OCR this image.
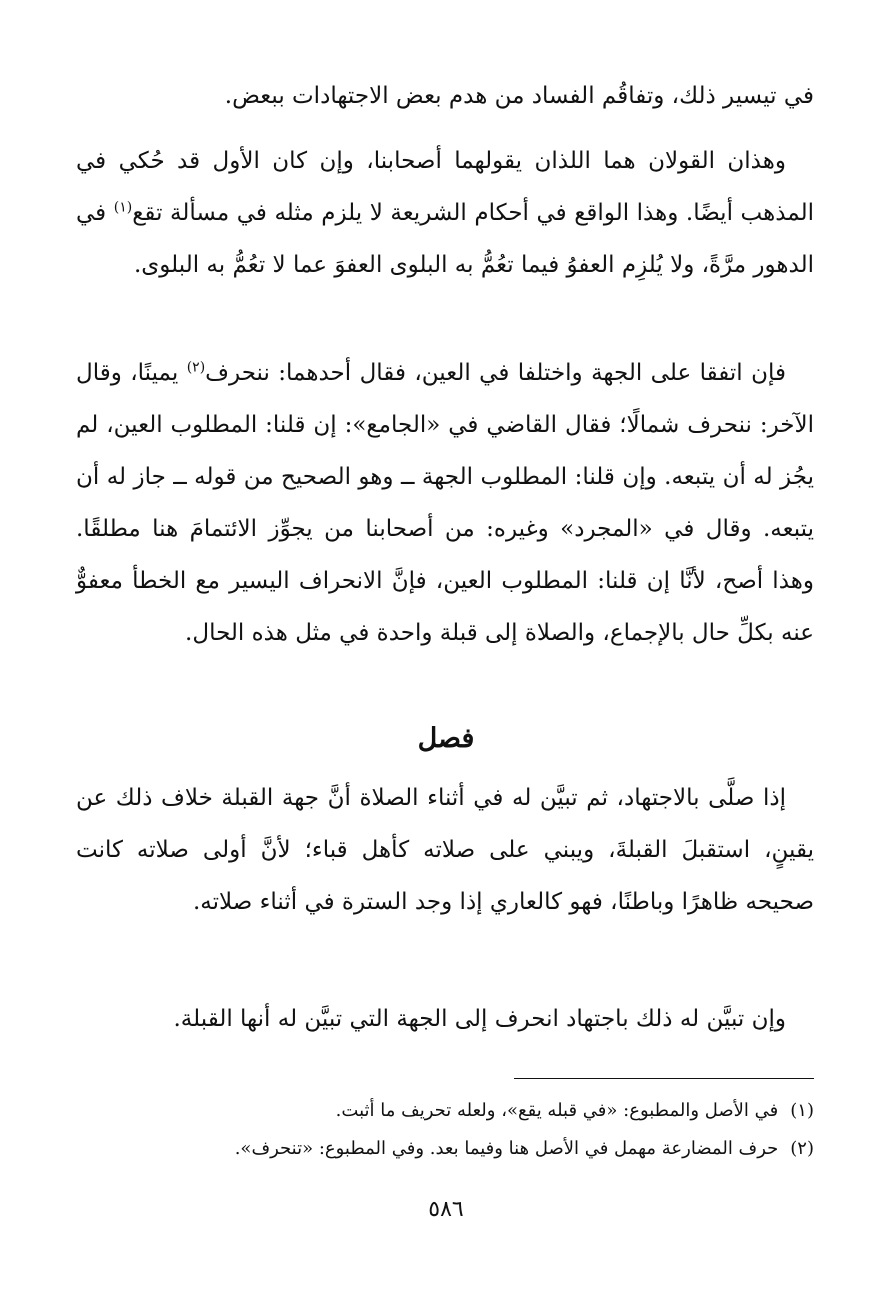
في تيسير ذلك، وتفاقُم الفساد من هدم بعض الاجتهادات ببعض.
وهذان القولان هما اللذان يقولهما أصحابنا، وإن كان الأول قد حُكي في المذهب أيضًا. وهذا الواقع في أحكام الشريعة لا يلزم مثله في مسألة تقع$^{(١)}$ في الدهور مرَّةً، ولا يُلزِم العفوُ فيما تعُمُّ به البلوى العفوَ عما لا تعُمُّ به البلوى.
فإن اتفقا على الجهة واختلفا في العين، فقال أحدهما: ننحرف$^{(٢)}$ يمينًا، وقال الآخر: ننحرف شمالًا؛ فقال القاضي في «الجامع»: إن قلنا: المطلوب العين، لم يجُز له أن يتبعه. وإن قلنا: المطلوب الجهة ــ وهو الصحيح من قوله ــ جاز له أن يتبعه. وقال في «المجرد» وغيره: من أصحابنا من يجوِّز الائتمامَ هنا مطلقًا. وهذا أصح، لأنَّا إن قلنا: المطلوب العين، فإنَّ الانحراف اليسير مع الخطأ معفوٌّ عنه بكلِّ حال بالإجماع، والصلاة إلى قبلة واحدة في مثل هذه الحال.
فصل
إذا صلَّى بالاجتهاد، ثم تبيَّن له في أثناء الصلاة أنَّ جهة القبلة خلاف ذلك عن يقينٍ، استقبلَ القبلةَ، ويبني على صلاته كأهل قباء؛ لأنَّ أولى صلاته كانت صحيحه ظاهرًا وباطنًا، فهو كالعاري إذا وجد السترة في أثناء صلاته.
وإن تبيَّن له ذلك باجتهاد انحرف إلى الجهة التي تبيَّن له أنها القبلة.
(١)في الأصل والمطبوع: «في قبله يقع»، ولعله تحريف ما أثبت.
(٢)حرف المضارعة مهمل في الأصل هنا وفيما بعد. وفي المطبوع: «تنحرف».
٥٨٦
